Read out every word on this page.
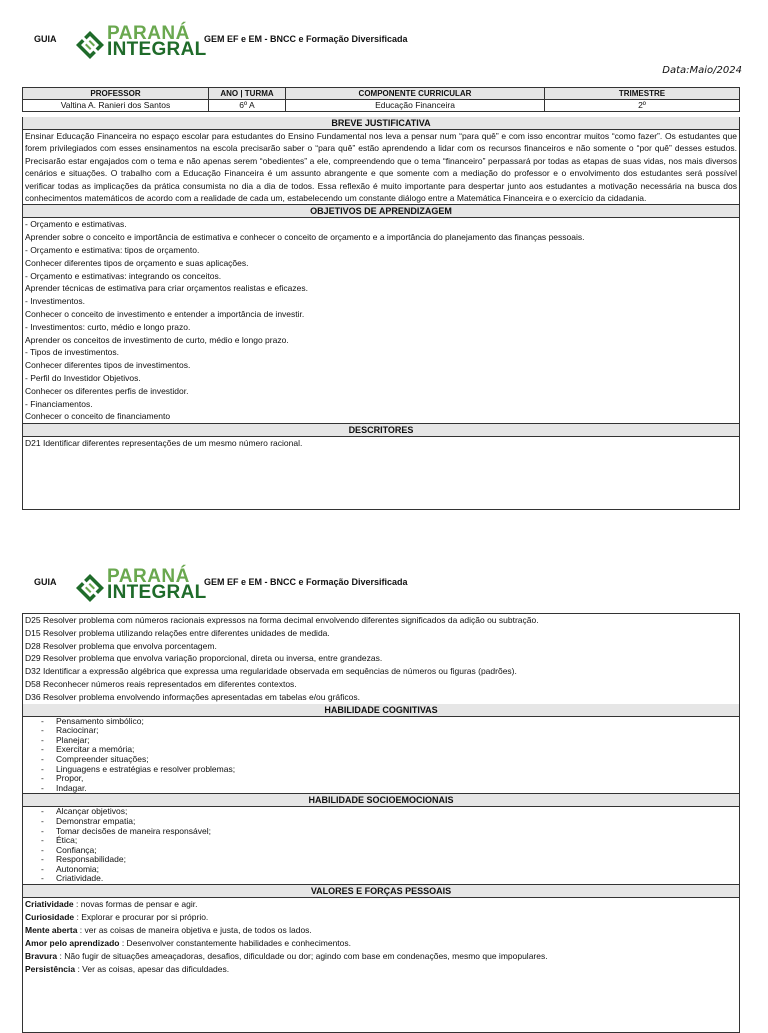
GUIA	PARANÁ
INTEGRAL
GEM EF e EM - BNCC e Formação Diversificada
Data:Maio/2024
PROFESSOR	ANO | TURMA	COMPONENTE CURRICULAR	TRIMESTRE
Valtina A. Ranieri dos Santos	6º A	Educação Financeira	2º
BREVE JUSTIFICATIVA
Ensinar Educação Financeira no espaço escolar para estudantes do Ensino Fundamental nos leva a pensar num “para quê” e com isso encontrar muitos “como fazer”. Os estudantes que forem privilegiados com esses ensinamentos na escola precisarão saber o “para quê” estão aprendendo a lidar com os recursos financeiros e não somente o “por quê” desses estudos. Precisarão estar engajados com o tema e não apenas serem “obedientes” a ele, compreendendo que o tema “financeiro” perpassará por todas as etapas de suas vidas, nos mais diversos cenários e situações. O trabalho com a Educação Financeira é um assunto abrangente e que somente com a mediação do professor e o envolvimento dos estudantes será possível verificar todas as implicações da prática consumista no dia a dia de todos. Essa reflexão é muito importante para despertar junto aos estudantes a motivação necessária na busca dos conhecimentos matemáticos de acordo com a realidade de cada um, estabelecendo um constante diálogo entre a Matemática Financeira e o exercício da cidadania.
OBJETIVOS DE APRENDIZAGEM
- Orçamento e estimativas.
Aprender sobre o conceito e importância de estimativa e conhecer o conceito de orçamento e a importância do planejamento das finanças pessoais.
- Orçamento e estimativa: tipos de orçamento.
Conhecer diferentes tipos de orçamento e suas aplicações.
- Orçamento e estimativas: integrando os conceitos.
Aprender técnicas de estimativa para criar orçamentos realistas e eficazes.
- Investimentos.
Conhecer o conceito de investimento e entender a importância de investir.
- Investimentos: curto, médio e longo prazo.
Aprender os conceitos de investimento de curto, médio e longo prazo.
- Tipos de investimentos.
Conhecer diferentes tipos de investimentos.
- Perfil do Investidor Objetivos.
Conhecer os diferentes perfis de investidor.
- Financiamentos.
Conhecer o conceito de financiamento
DESCRITORES
D21 Identificar diferentes representações de um mesmo número racional.
GUIA	PARANÁ
INTEGRAL
GEM EF e EM - BNCC e Formação Diversificada
D25 Resolver problema com números racionais expressos na forma decimal envolvendo diferentes significados da adição ou subtração.
D15 Resolver problema utilizando relações entre diferentes unidades de medida.
D28 Resolver problema que envolva porcentagem.
D29 Resolver problema que envolva variação proporcional, direta ou inversa, entre grandezas.
D32 Identificar a expressão algébrica que expressa uma regularidade observada em sequências de números ou figuras (padrões).
D58 Reconhecer números reais representados em diferentes contextos.
D36 Resolver problema envolvendo informações apresentadas em tabelas e/ou gráficos.
HABILIDADE COGNITIVAS
- Pensamento simbólico;
- Raciocinar;
- Planejar;
- Exercitar a memória;
- Compreender situações;
- Linguagens e estratégias e resolver problemas;
- Propor,
- Indagar.
HABILIDADE SOCIOEMOCIONAIS
- Alcançar objetivos;
- Demonstrar empatia;
- Tomar decisões de maneira responsável;
- Ética;
- Confiança;
- Responsabilidade;
- Autonomia;
- Criatividade.
VALORES E FORÇAS PESSOAIS
Criatividade : novas formas de pensar e agir.
Curiosidade : Explorar e procurar por si próprio.
Mente aberta : ver as coisas de maneira objetiva e justa, de todos os lados.
Amor pelo aprendizado : Desenvolver constantemente habilidades e conhecimentos.
Bravura : Não fugir de situações ameaçadoras, desafios, dificuldade ou dor; agindo com base em condenações, mesmo que impopulares.
Persistência : Ver as coisas, apesar das dificuldades.
